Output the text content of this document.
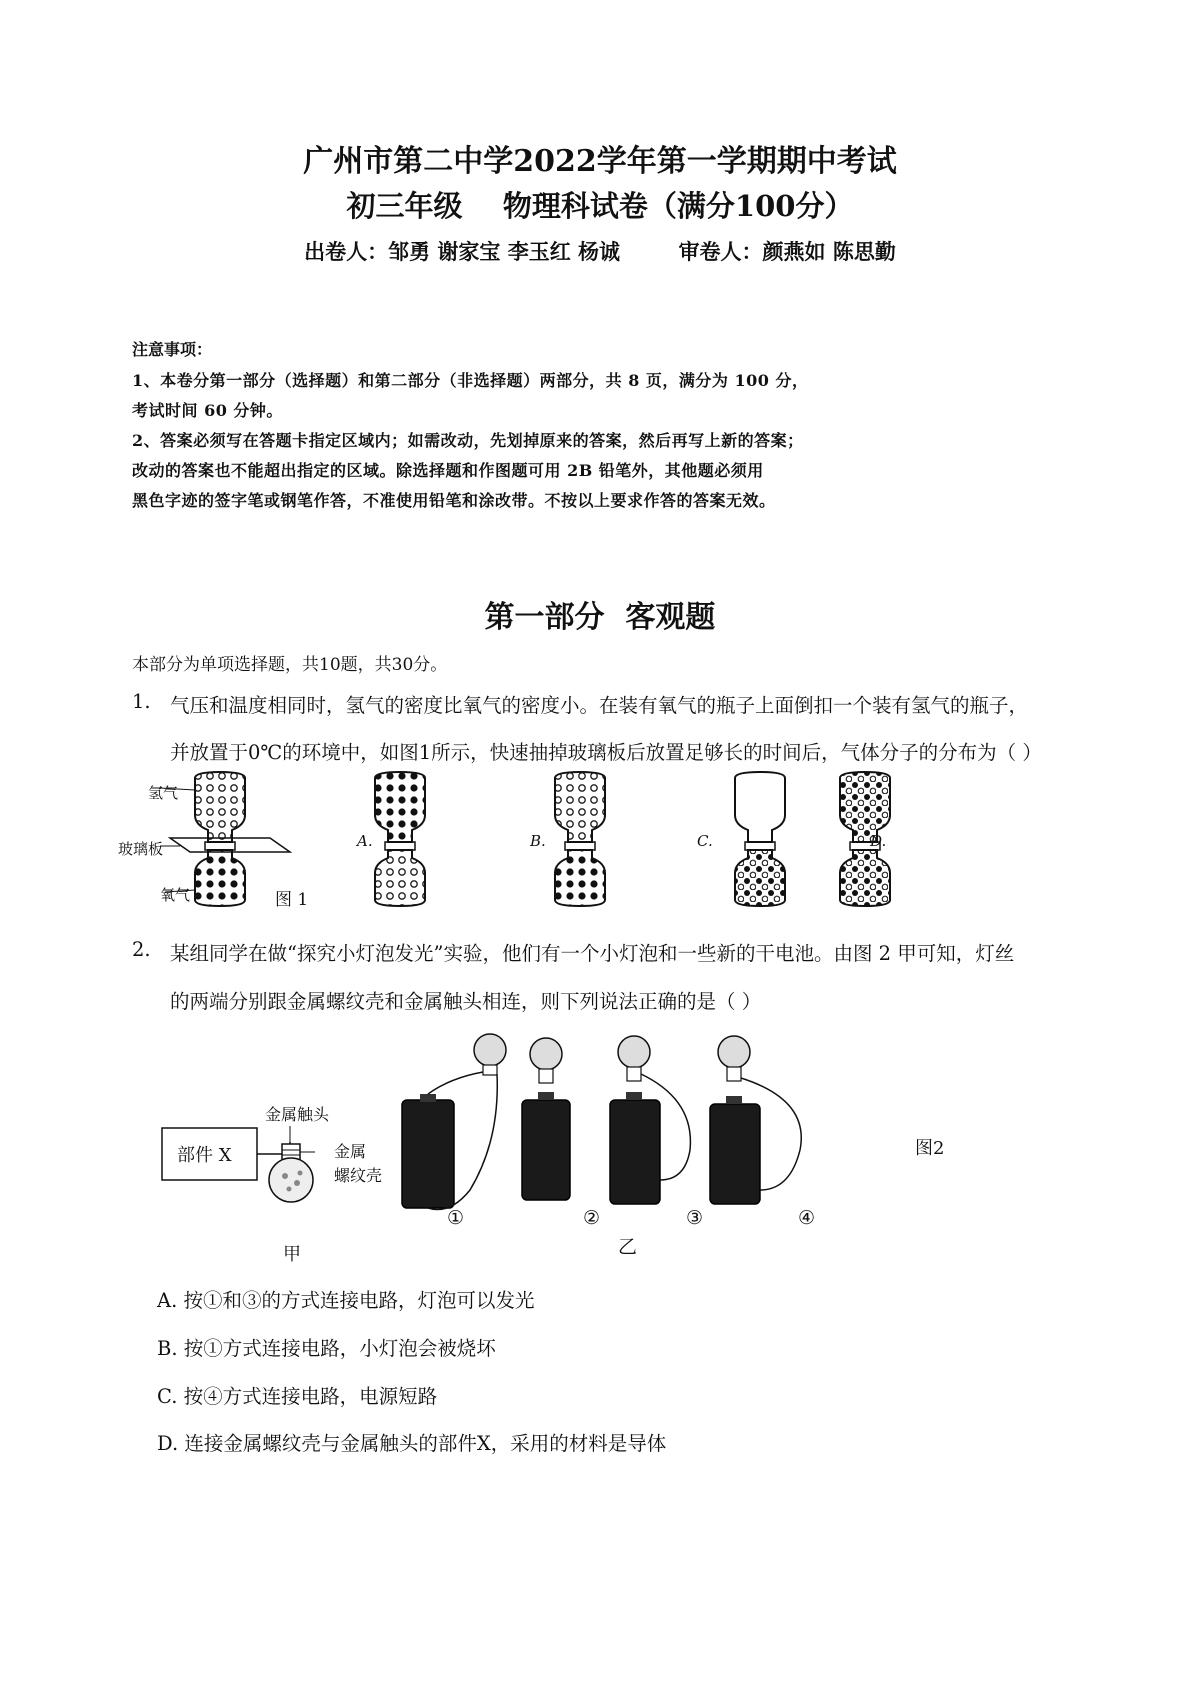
广州市第二中学2022学年第一学期期中考试
初三年级    物理科试卷（满分100分）
出卷人：邹勇 谢家宝 李玉红 杨诚        审卷人：颜燕如 陈思勤
注意事项：
1、本卷分第一部分（选择题）和第二部分（非选择题）两部分，共 8 页，满分为 100 分，
考试时间 60 分钟。
2、答案必须写在答题卡指定区域内；如需改动，先划掉原来的答案，然后再写上新的答案；
改动的答案也不能超出指定的区域。除选择题和作图题可用 2B 铅笔外，其他题必须用
黑色字迹的签字笔或钢笔作答，不准使用铅笔和涂改带。不按以上要求作答的答案无效。
第一部分  客观题
本部分为单项选择题，共10题，共30分。
1. 气压和温度相同时，氢气的密度比氧气的密度小。在装有氧气的瓶子上面倒扣一个装有氢气的瓶子，
并放置于0℃的环境中，如图1所示，快速抽掉玻璃板后放置足够长的时间后，气体分子的分布为（ ）
氢气
玻璃板
氧气	图 1
A.	B.	C.	D.
2. 某组同学在做“探究小灯泡发光”实验，他们有一个小灯泡和一些新的干电池。由图 2 甲可知，灯丝
的两端分别跟金属螺纹壳和金属触头相连，则下列说法正确的是（ ）
金属触头
部件 X	金属
螺纹壳
甲	乙
①	②	③	④
图2
A. 按①和③的方式连接电路，灯泡可以发光
B. 按①方式连接电路，小灯泡会被烧坏
C. 按④方式连接电路，电源短路
D. 连接金属螺纹壳与金属触头的部件X，采用的材料是导体
